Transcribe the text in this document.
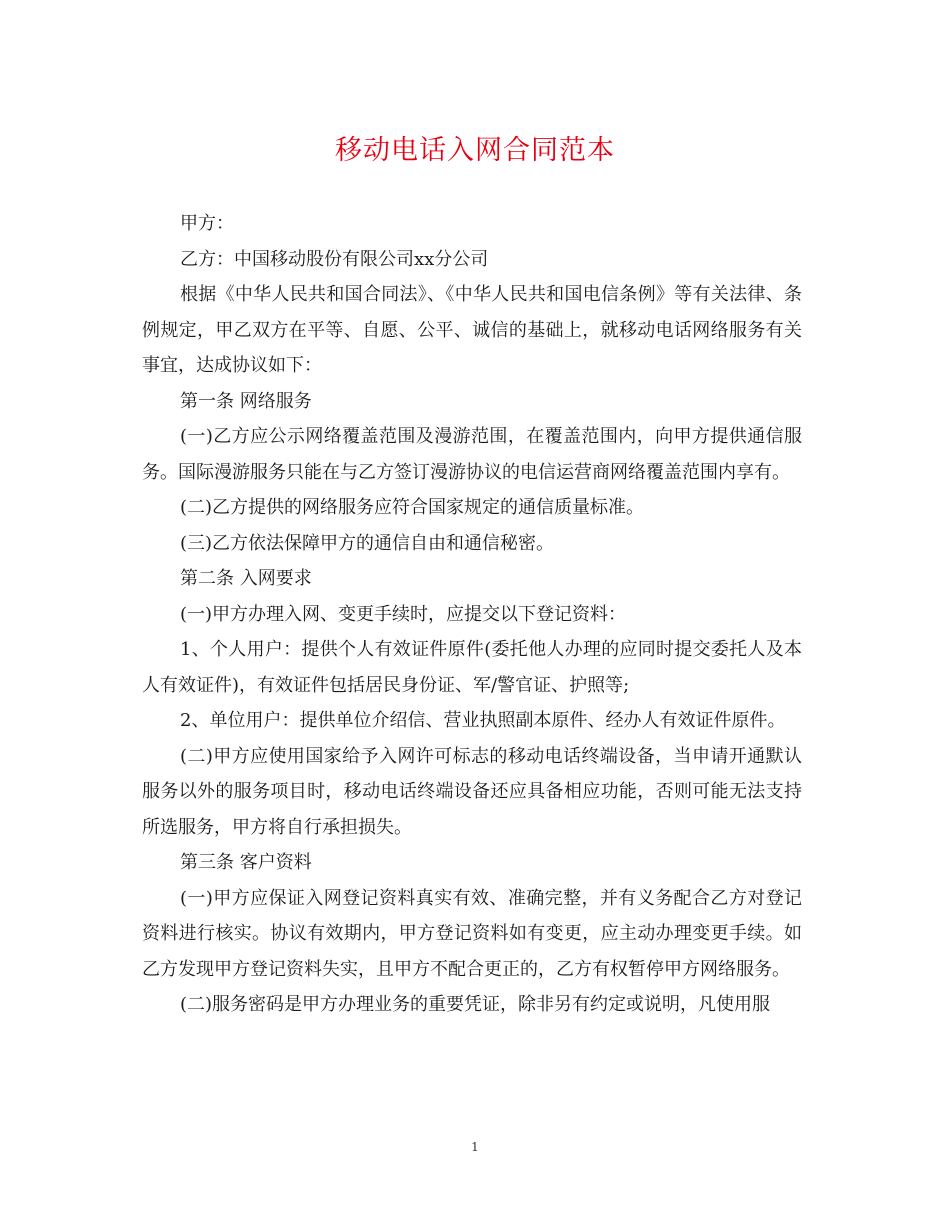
移动电话入网合同范本

甲方：

乙方：中国移动股份有限公司xx分公司

根据《中华人民共和国合同法》、《中华人民共和国电信条例》等有关法律、条例规定，甲乙双方在平等、自愿、公平、诚信的基础上，就移动电话网络服务有关事宜，达成协议如下：

第一条 网络服务

(一)乙方应公示网络覆盖范围及漫游范围，在覆盖范围内，向甲方提供通信服务。国际漫游服务只能在与乙方签订漫游协议的电信运营商网络覆盖范围内享有。

(二)乙方提供的网络服务应符合国家规定的通信质量标准。

(三)乙方依法保障甲方的通信自由和通信秘密。

第二条 入网要求

(一)甲方办理入网、变更手续时，应提交以下登记资料：

1、个人用户：提供个人有效证件原件(委托他人办理的应同时提交委托人及本人有效证件)，有效证件包括居民身份证、军/警官证、护照等;

2、单位用户：提供单位介绍信、营业执照副本原件、经办人有效证件原件。

(二)甲方应使用国家给予入网许可标志的移动电话终端设备，当申请开通默认服务以外的服务项目时，移动电话终端设备还应具备相应功能，否则可能无法支持所选服务，甲方将自行承担损失。

第三条 客户资料

(一)甲方应保证入网登记资料真实有效、准确完整，并有义务配合乙方对登记资料进行核实。协议有效期内，甲方登记资料如有变更，应主动办理变更手续。如乙方发现甲方登记资料失实，且甲方不配合更正的，乙方有权暂停甲方网络服务。

(二)服务密码是甲方办理业务的重要凭证，除非另有约定或说明，凡使用服

1
